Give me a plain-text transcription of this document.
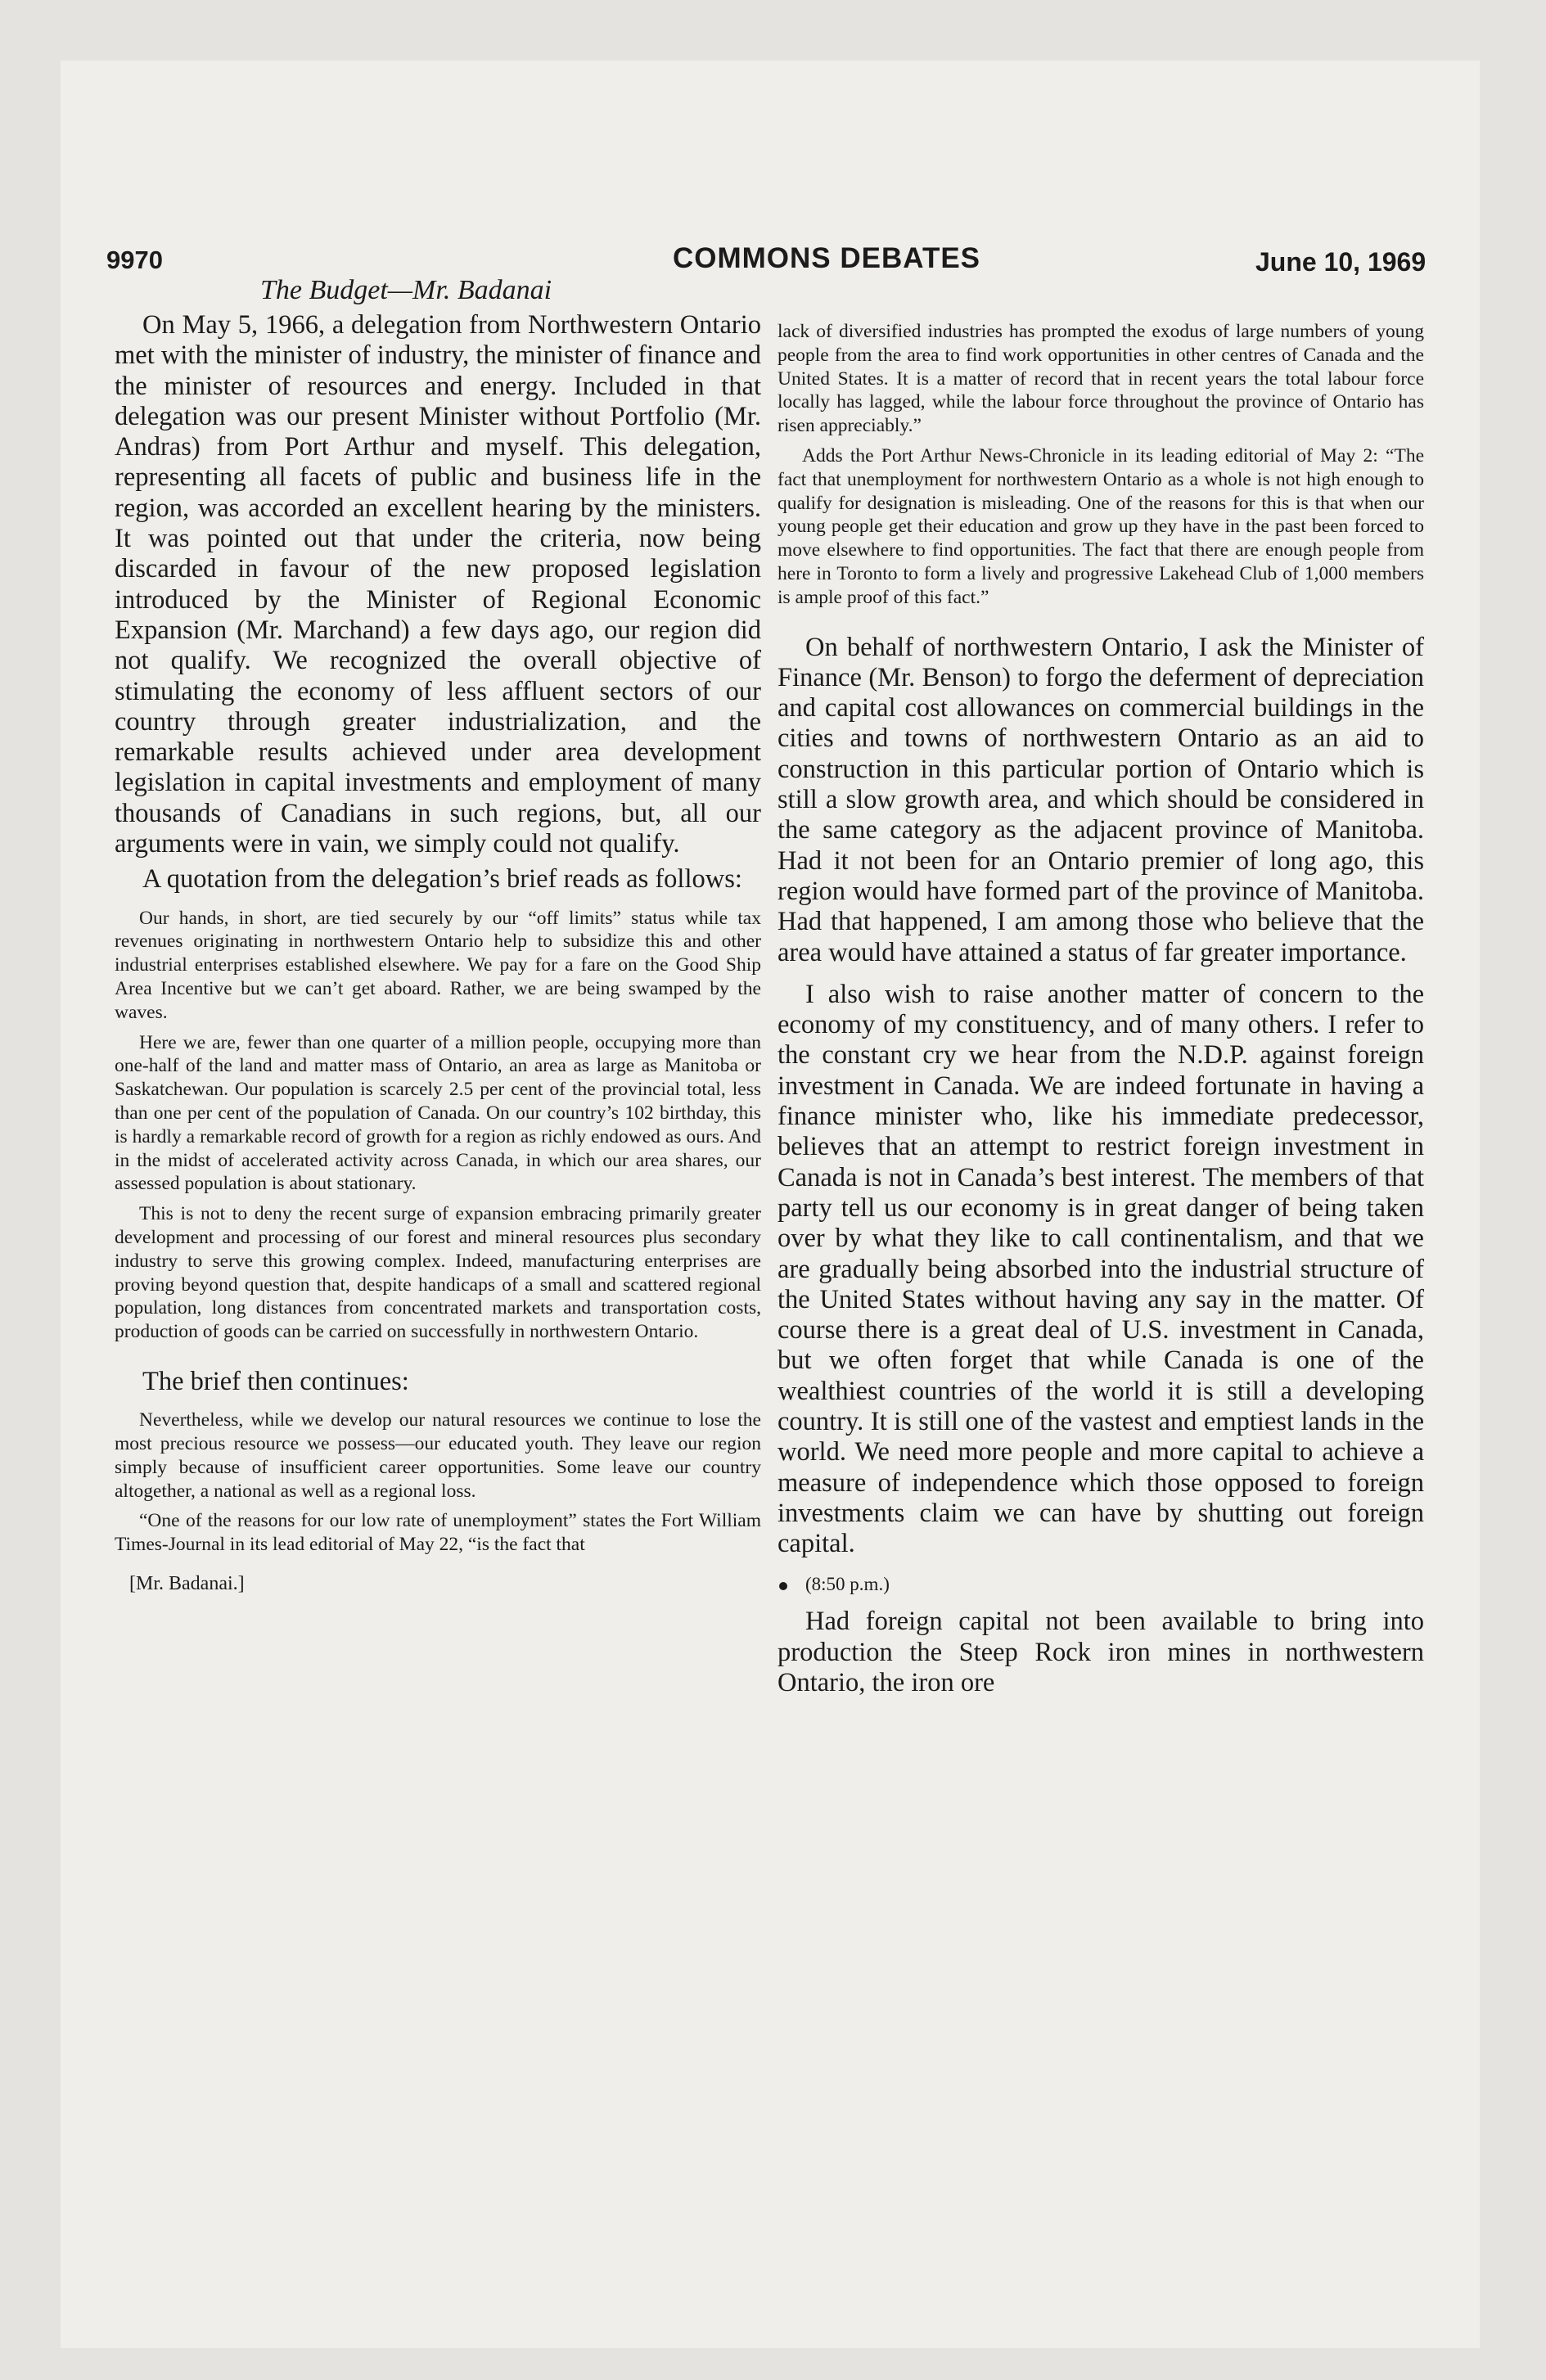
9970	COMMONS DEBATES	June 10, 1969
The Budget—Mr. Badanai

On May 5, 1966, a delegation from Northwestern Ontario met with the minister of industry, the minister of finance and the minister of resources and energy. Included in that delegation was our present Minister without Portfolio (Mr. Andras) from Port Arthur and myself. This delegation, representing all facets of public and business life in the region, was accorded an excellent hearing by the ministers. It was pointed out that under the criteria, now being discarded in favour of the new proposed legislation introduced by the Minister of Regional Economic Expansion (Mr. Marchand) a few days ago, our region did not qualify. We recognized the overall objective of stimulating the economy of less affluent sectors of our country through greater industrialization, and the remarkable results achieved under area development legislation in capital investments and employment of many thousands of Canadians in such regions, but, all our arguments were in vain, we simply could not qualify.

A quotation from the delegation’s brief reads as follows:

Our hands, in short, are tied securely by our “off limits” status while tax revenues originating in northwestern Ontario help to subsidize this and other industrial enterprises established elsewhere. We pay for a fare on the Good Ship Area Incentive but we can’t get aboard. Rather, we are being swamped by the waves.

Here we are, fewer than one quarter of a million people, occupying more than one-half of the land and matter mass of Ontario, an area as large as Manitoba or Saskatchewan. Our population is scarcely 2.5 per cent of the provincial total, less than one per cent of the population of Canada. On our country’s 102 birthday, this is hardly a remarkable record of growth for a region as richly endowed as ours. And in the midst of accelerated activity across Canada, in which our area shares, our assessed population is about stationary.

This is not to deny the recent surge of expansion embracing primarily greater development and processing of our forest and mineral resources plus secondary industry to serve this growing complex. Indeed, manufacturing enterprises are proving beyond question that, despite handicaps of a small and scattered regional population, long distances from concentrated markets and transportation costs, production of goods can be carried on successfully in northwestern Ontario.

The brief then continues:

Nevertheless, while we develop our natural resources we continue to lose the most precious resource we possess—our educated youth. They leave our region simply because of insufficient career opportunities. Some leave our country altogether, a national as well as a regional loss.

“One of the reasons for our low rate of unemployment” states the Fort William Times-Journal in its lead editorial of May 22, “is the fact that

[Mr. Badanai.]

lack of diversified industries has prompted the exodus of large numbers of young people from the area to find work opportunities in other centres of Canada and the United States. It is a matter of record that in recent years the total labour force locally has lagged, while the labour force throughout the province of Ontario has risen appreciably.”

Adds the Port Arthur News-Chronicle in its leading editorial of May 2: “The fact that unemployment for northwestern Ontario as a whole is not high enough to qualify for designation is misleading. One of the reasons for this is that when our young people get their education and grow up they have in the past been forced to move elsewhere to find opportunities. The fact that there are enough people from here in Toronto to form a lively and progressive Lakehead Club of 1,000 members is ample proof of this fact.”

On behalf of northwestern Ontario, I ask the Minister of Finance (Mr. Benson) to forgo the deferment of depreciation and capital cost allowances on commercial buildings in the cities and towns of northwestern Ontario as an aid to construction in this particular portion of Ontario which is still a slow growth area, and which should be considered in the same category as the adjacent province of Manitoba. Had it not been for an Ontario premier of long ago, this region would have formed part of the province of Manitoba. Had that happened, I am among those who believe that the area would have attained a status of far greater importance.

I also wish to raise another matter of concern to the economy of my constituency, and of many others. I refer to the constant cry we hear from the N.D.P. against foreign investment in Canada. We are indeed fortunate in having a finance minister who, like his immediate predecessor, believes that an attempt to restrict foreign investment in Canada is not in Canada’s best interest. The members of that party tell us our economy is in great danger of being taken over by what they like to call continentalism, and that we are gradually being absorbed into the industrial structure of the United States without having any say in the matter. Of course there is a great deal of U.S. investment in Canada, but we often forget that while Canada is one of the wealthiest countries of the world it is still a developing country. It is still one of the vastest and emptiest lands in the world. We need more people and more capital to achieve a measure of independence which those opposed to foreign investments claim we can have by shutting out foreign capital.

(8:50 p.m.)

Had foreign capital not been available to bring into production the Steep Rock iron mines in northwestern Ontario, the iron ore
